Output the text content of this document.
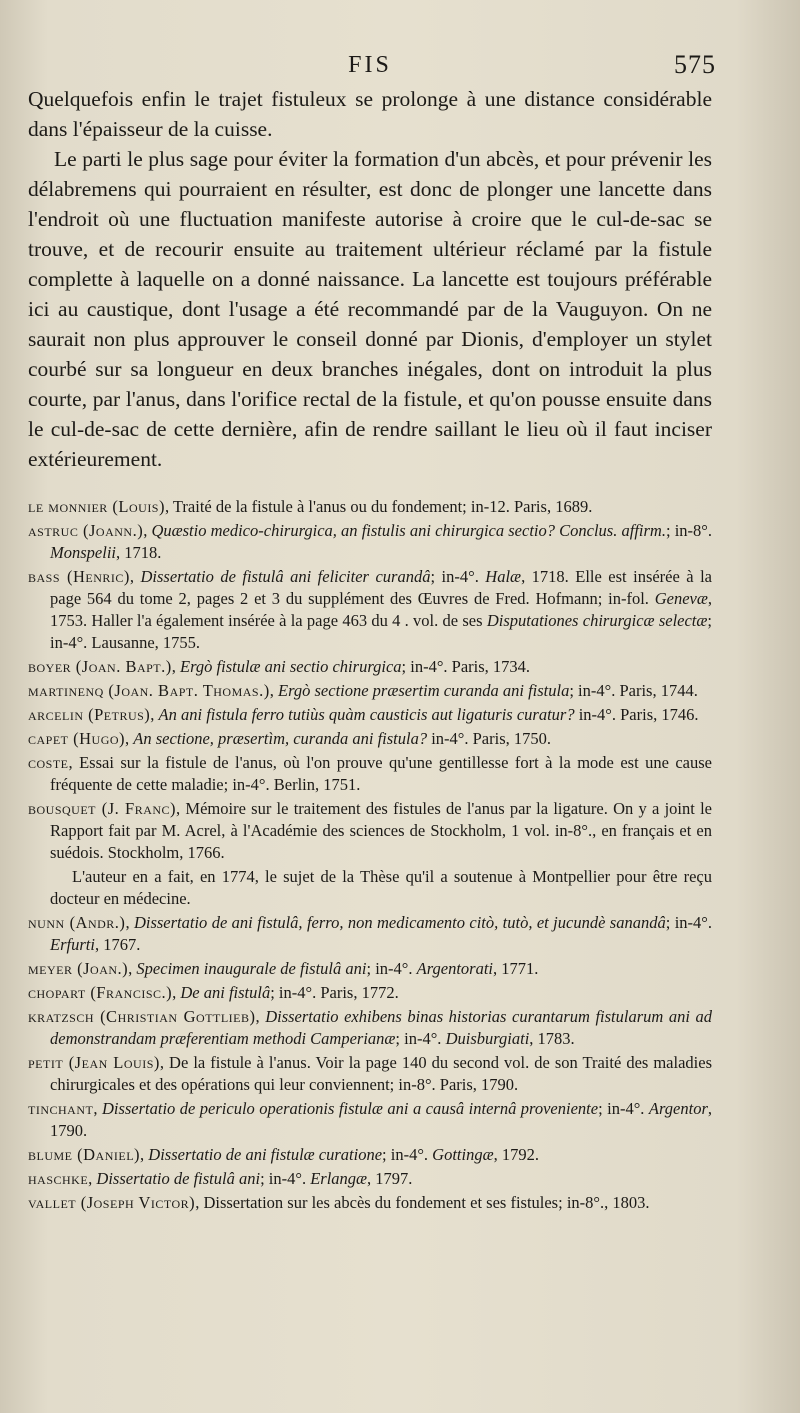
FIS	575

Quelquefois enfin le trajet fistuleux se prolonge à une distance considérable dans l'épaisseur de la cuisse.

Le parti le plus sage pour éviter la formation d'un abcès, et pour prévenir les délabremens qui pourraient en résulter, est donc de plonger une lancette dans l'endroit où une fluctuation manifeste autorise à croire que le cul-de-sac se trouve, et de recourir ensuite au traitement ultérieur réclamé par la fistule complette à laquelle on a donné naissance. La lancette est toujours préférable ici au caustique, dont l'usage a été recommandé par de la Vauguyon. On ne saurait non plus approuver le conseil donné par Dionis, d'employer un stylet courbé sur sa longueur en deux branches inégales, dont on introduit la plus courte, par l'anus, dans l'orifice rectal de la fistule, et qu'on pousse ensuite dans le cul-de-sac de cette dernière, afin de rendre saillant le lieu où il faut inciser extérieurement.

le monnier (Louis), Traité de la fistule à l'anus ou du fondement; in-12. Paris, 1689.

astruc (Joann.), Quæstio medico-chirurgica, an fistulis ani chirurgica sectio? Conclus. affirm.; in-8°. Monspelii, 1718.

bass (Henric), Dissertatio de fistulâ ani feliciter curandâ; in-4°. Halæ, 1718. Elle est insérée à la page 564 du tome 2, pages 2 et 3 du supplément des Œuvres de Fred. Hofmann; in-fol. Genevæ, 1753. Haller l'a également insérée à la page 463 du 4 . vol. de ses Disputationes chirurgicæ selectæ; in-4°. Lausanne, 1755.

boyer (Joan. Bapt.), Ergò fistulæ ani sectio chirurgica; in-4°. Paris, 1734.

martinenq (Joan. Bapt. Thomas.), Ergò sectione præsertim curanda ani fistula; in-4°. Paris, 1744.

arcelin (Petrus), An ani fistula ferro tutiùs quàm causticis aut ligaturis curatur? in-4°. Paris, 1746.

capet (Hugo), An sectione, præsertìm, curanda ani fistula? in-4°. Paris, 1750.

coste, Essai sur la fistule de l'anus, où l'on prouve qu'une gentillesse fort à la mode est une cause fréquente de cette maladie; in-4°. Berlin, 1751.

bousquet (J. Franc), Mémoire sur le traitement des fistules de l'anus par la ligature. On y a joint le Rapport fait par M. Acrel, à l'Académie des sciences de Stockholm, 1 vol. in-8°., en français et en suédois. Stockholm, 1766.

L'auteur en a fait, en 1774, le sujet de la Thèse qu'il a soutenue à Montpellier pour être reçu docteur en médecine.

nunn (Andr.), Dissertatio de ani fistulâ, ferro, non medicamento citò, tutò, et jucundè sanandâ; in-4°. Erfurti, 1767.

meyer (Joan.), Specimen inaugurale de fistulâ ani; in-4°. Argentorati, 1771.

chopart (Francisc.), De ani fistulâ; in-4°. Paris, 1772.

kratzsch (Christian Gottlieb), Dissertatio exhibens binas historias curantarum fistularum ani ad demonstrandam præferentiam methodi Camperianæ; in-4°. Duisburgiati, 1783.

petit (Jean Louis), De la fistule à l'anus. Voir la page 140 du second vol. de son Traité des maladies chirurgicales et des opérations qui leur conviennent; in-8°. Paris, 1790.

tinchant, Dissertatio de periculo operationis fistulæ ani a causâ internâ proveniente; in-4°. Argentor, 1790.

blume (Daniel), Dissertatio de ani fistulæ curatione; in-4°. Gottingæ, 1792.

haschke, Dissertatio de fistulâ ani; in-4°. Erlangæ, 1797.

vallet (Joseph Victor), Dissertation sur les abcès du fondement et ses fistules; in-8°., 1803.
